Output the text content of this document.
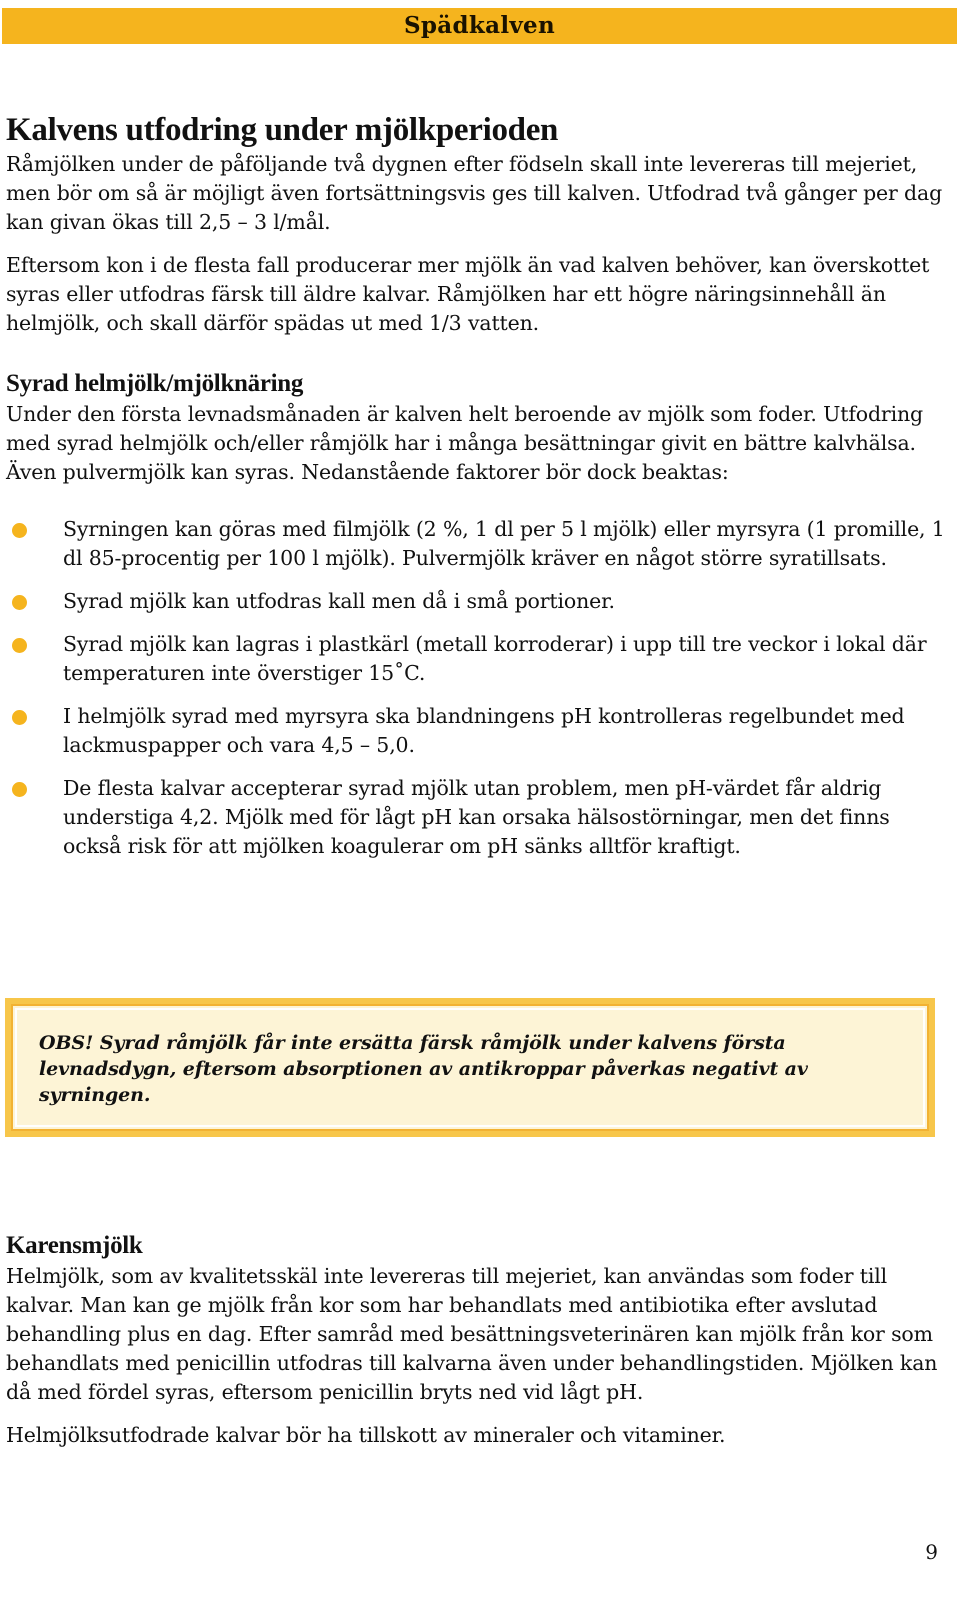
Spädkalven
Kalvens utfodring under mjölkperioden

Råmjölken under de påföljande två dygnen efter födseln skall inte levereras till mejeriet, men bör om så är möjligt även fortsättningsvis ges till kalven. Utfodrad två gånger per dag kan givan ökas till 2,5 – 3 l/mål.

Eftersom kon i de flesta fall producerar mer mjölk än vad kalven behöver, kan överskottet syras eller utfodras färsk till äldre kalvar. Råmjölken har ett högre näringsinnehåll än helmjölk, och skall därför spädas ut med 1/3 vatten.

Syrad helmjölk/mjölknäring

Under den första levnadsmånaden är kalven helt beroende av mjölk som foder. Utfodring med syrad helmjölk och/eller råmjölk har i många besättningar givit en bättre kalvhälsa. Även pulvermjölk kan syras. Nedanstående faktorer bör dock beaktas:

Syrningen kan göras med filmjölk (2 %, 1 dl per 5 l mjölk) eller myrsyra (1 promille, 1 dl 85-procentig per 100 l mjölk). Pulvermjölk kräver en något större syratillsats.
Syrad mjölk kan utfodras kall men då i små portioner.
Syrad mjölk kan lagras i plastkärl (metall korroderar) i upp till tre veckor i lokal där temperaturen inte överstiger 15˚C.
I helmjölk syrad med myrsyra ska blandningens pH kontrolleras regelbundet med lackmuspapper och vara 4,5 – 5,0.
De flesta kalvar accepterar syrad mjölk utan problem, men pH-värdet får aldrig understiga 4,2. Mjölk med för lågt pH kan orsaka hälsostörningar, men det finns också risk för att mjölken koagulerar om pH sänks alltför kraftigt.

OBS! Syrad råmjölk får inte ersätta färsk råmjölk under kalvens första levnadsdygn, eftersom absorptionen av antikroppar påverkas negativt av syrningen.

Karensmjölk

Helmjölk, som av kvalitetsskäl inte levereras till mejeriet, kan användas som foder till kalvar. Man kan ge mjölk från kor som har behandlats med antibiotika efter avslutad behandling plus en dag. Efter samråd med besättningsveterinären kan mjölk från kor som behandlats med penicillin utfodras till kalvarna även under behandlingstiden. Mjölken kan då med fördel syras, eftersom penicillin bryts ned vid lågt pH.

Helmjölksutfodrade kalvar bör ha tillskott av mineraler och vitaminer.

9
